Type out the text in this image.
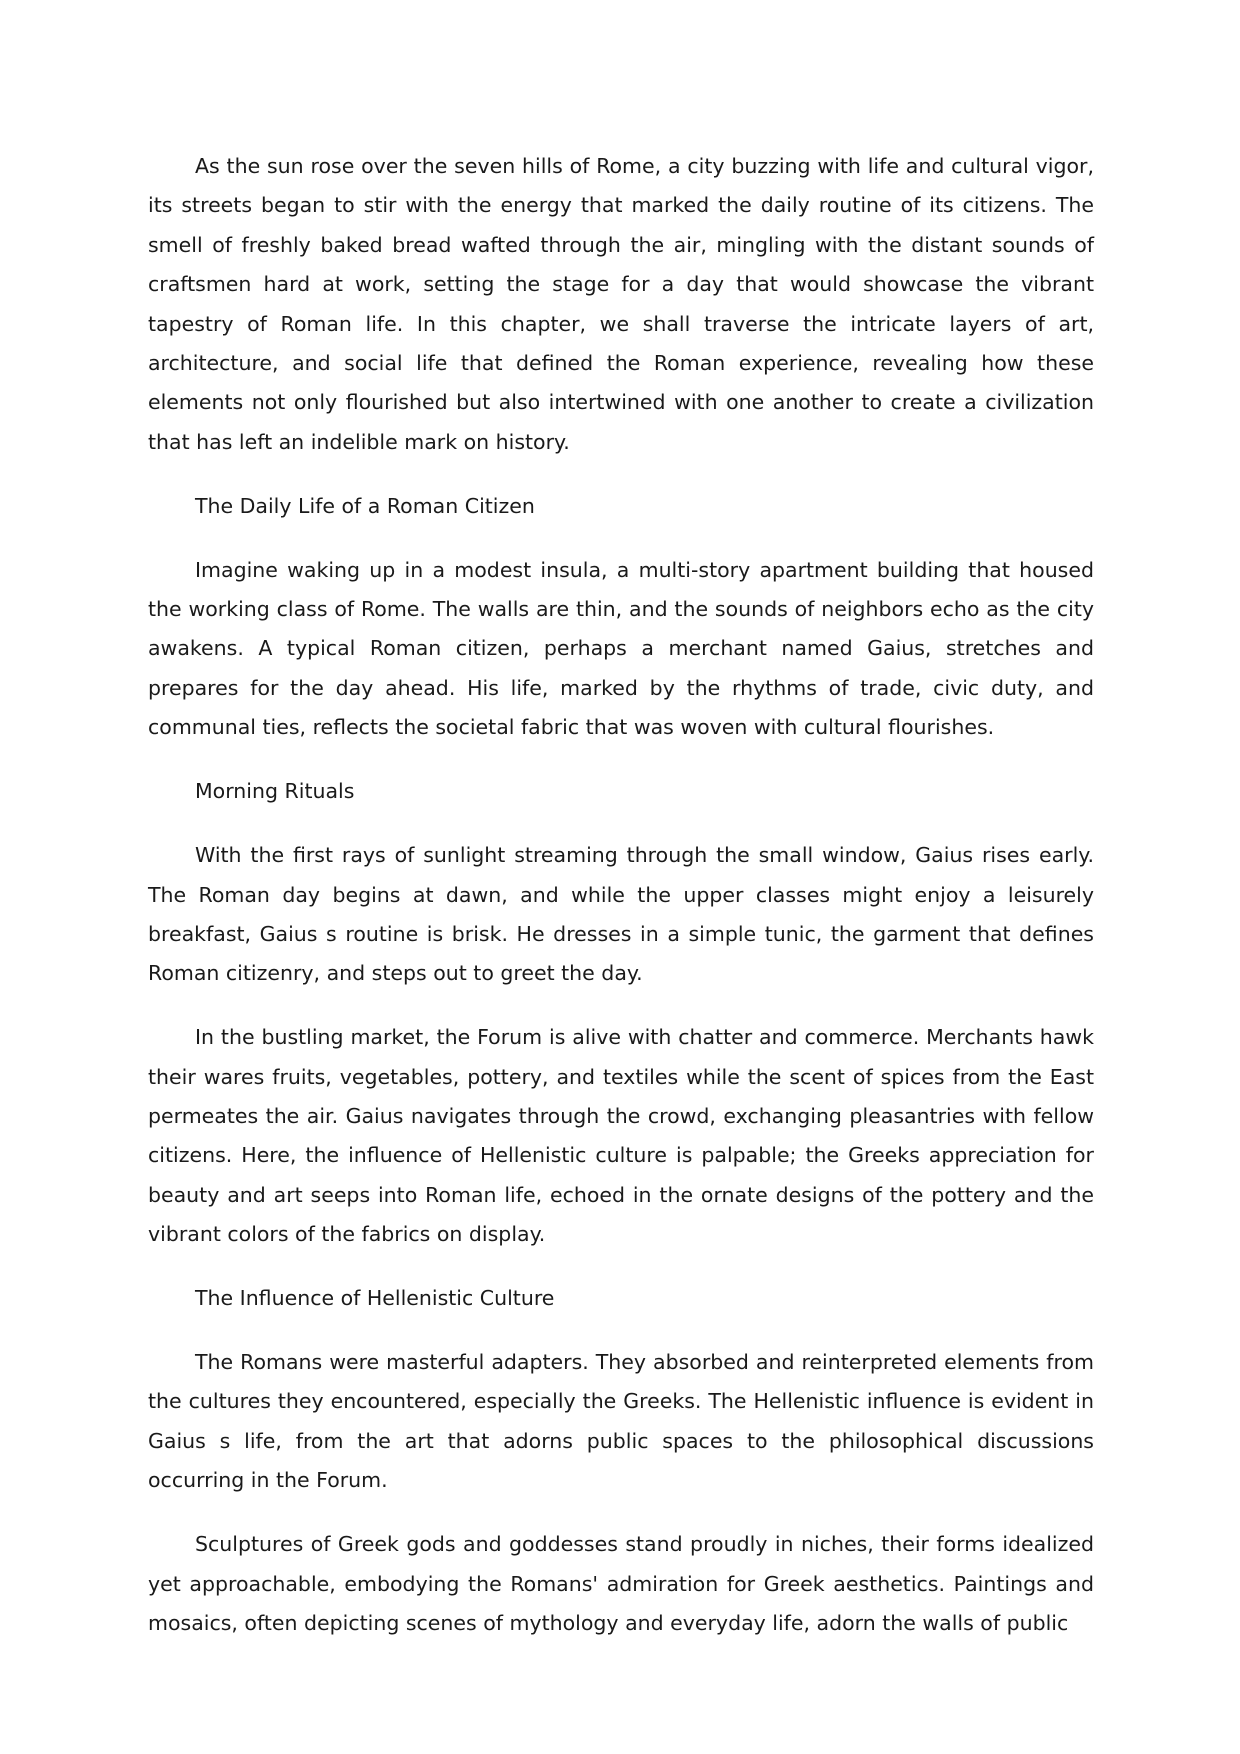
As the sun rose over the seven hills of Rome, a city buzzing with life and cultural vigor, its streets began to stir with the energy that marked the daily routine of its citizens. The smell of freshly baked bread wafted through the air, mingling with the distant sounds of craftsmen hard at work, setting the stage for a day that would showcase the vibrant tapestry of Roman life. In this chapter, we shall traverse the intricate layers of art, architecture, and social life that defined the Roman experience, revealing how these elements not only flourished but also intertwined with one another to create a civilization that has left an indelible mark on history.

The Daily Life of a Roman Citizen

Imagine waking up in a modest insula, a multi-story apartment building that housed the working class of Rome. The walls are thin, and the sounds of neighbors echo as the city awakens. A typical Roman citizen, perhaps a merchant named Gaius, stretches and prepares for the day ahead. His life, marked by the rhythms of trade, civic duty, and communal ties, reflects the societal fabric that was woven with cultural flourishes.

Morning Rituals

With the first rays of sunlight streaming through the small window, Gaius rises early. The Roman day begins at dawn, and while the upper classes might enjoy a leisurely breakfast, Gaius s routine is brisk. He dresses in a simple tunic, the garment that defines Roman citizenry, and steps out to greet the day.

In the bustling market, the Forum is alive with chatter and commerce. Merchants hawk their wares fruits, vegetables, pottery, and textiles while the scent of spices from the East permeates the air. Gaius navigates through the crowd, exchanging pleasantries with fellow citizens. Here, the influence of Hellenistic culture is palpable; the Greeks appreciation for beauty and art seeps into Roman life, echoed in the ornate designs of the pottery and the vibrant colors of the fabrics on display.

The Influence of Hellenistic Culture

The Romans were masterful adapters. They absorbed and reinterpreted elements from the cultures they encountered, especially the Greeks. The Hellenistic influence is evident in Gaius s life, from the art that adorns public spaces to the philosophical discussions occurring in the Forum.

Sculptures of Greek gods and goddesses stand proudly in niches, their forms idealized yet approachable, embodying the Romans' admiration for Greek aesthetics. Paintings and mosaics, often depicting scenes of mythology and everyday life, adorn the walls of public
